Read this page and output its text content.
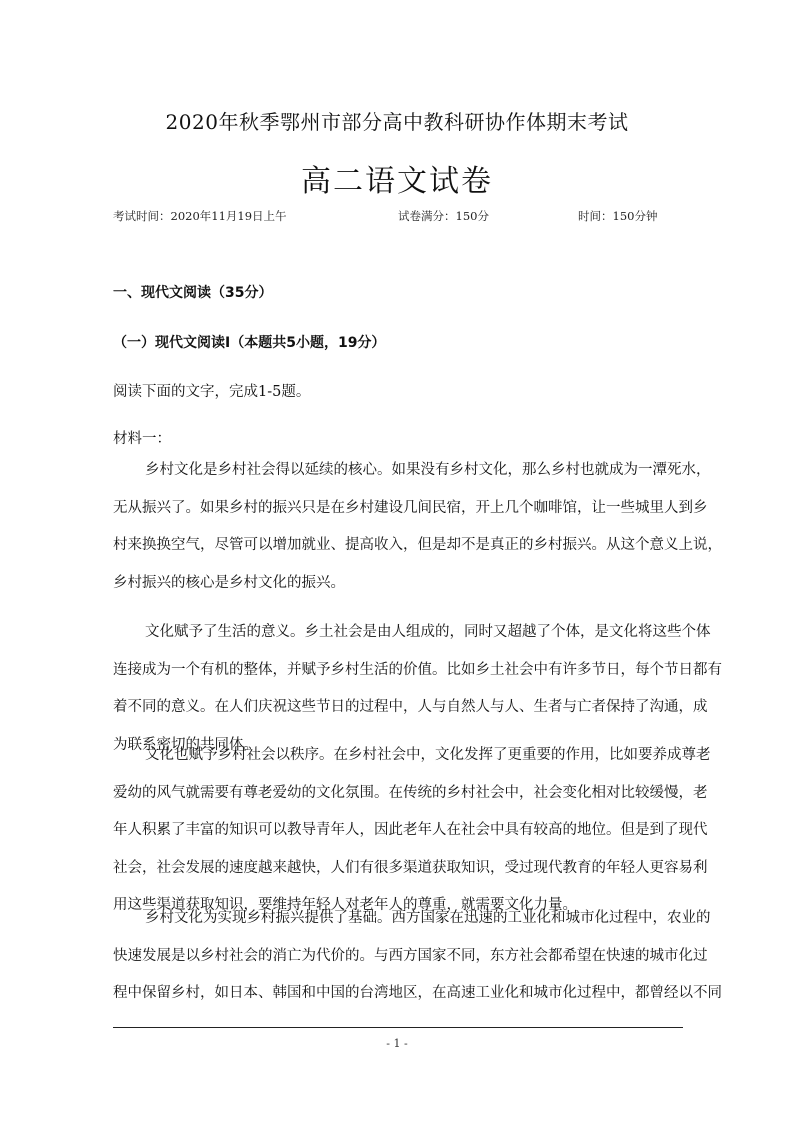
2020年秋季鄂州市部分高中教科研协作体期末考试
高二语文试卷
考试时间：2020年11月19日上午	试卷满分：150分	时间：150分钟
一、现代文阅读（35分）
（一）现代文阅读Ⅰ（本题共5小题，19分）
阅读下面的文字，完成1-5题。
材料一：
乡村文化是乡村社会得以延续的核心。如果没有乡村文化，那么乡村也就成为一潭死水，
无从振兴了。如果乡村的振兴只是在乡村建设几间民宿，开上几个咖啡馆，让一些城里人到乡
村来换换空气，尽管可以增加就业、提高收入，但是却不是真正的乡村振兴。从这个意义上说，
乡村振兴的核心是乡村文化的振兴。
文化赋予了生活的意义。乡土社会是由人组成的，同时又超越了个体，是文化将这些个体
连接成为一个有机的整体，并赋予乡村生活的价值。比如乡土社会中有许多节日，每个节日都有
着不同的意义。在人们庆祝这些节日的过程中，人与自然人与人、生者与亡者保持了沟通，成
为联系密切的共同体。
文化也赋予乡村社会以秩序。在乡村社会中，文化发挥了更重要的作用，比如要养成尊老
爱幼的风气就需要有尊老爱幼的文化氛围。在传统的乡村社会中，社会变化相对比较缓慢，老
年人积累了丰富的知识可以教导青年人，因此老年人在社会中具有较高的地位。但是到了现代
社会，社会发展的速度越来越快，人们有很多渠道获取知识，受过现代教育的年轻人更容易利
用这些渠道获取知识，要维持年轻人对老年人的尊重，就需要文化力量。
乡村文化为实现乡村振兴提供了基础。西方国家在迅速的工业化和城市化过程中，农业的
快速发展是以乡村社会的消亡为代价的。与西方国家不同，东方社会都希望在快速的城市化过
程中保留乡村，如日本、韩国和中国的台湾地区，在高速工业化和城市化过程中，都曾经以不同
- 1 -
